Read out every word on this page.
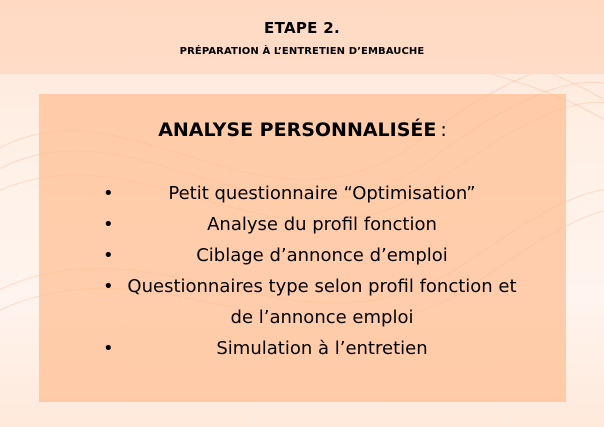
ETAPE 2.
PRÉPARATION À L’ENTRETIEN D’EMBAUCHE
ANALYSE PERSONNALISÉE :
•	Petit questionnaire “Optimisation”
•	Analyse du profil fonction
•	Ciblage d’annonce d’emploi
• Questionnaires type selon profil fonction et de l’annonce emploi
•	Simulation à l’entretien
